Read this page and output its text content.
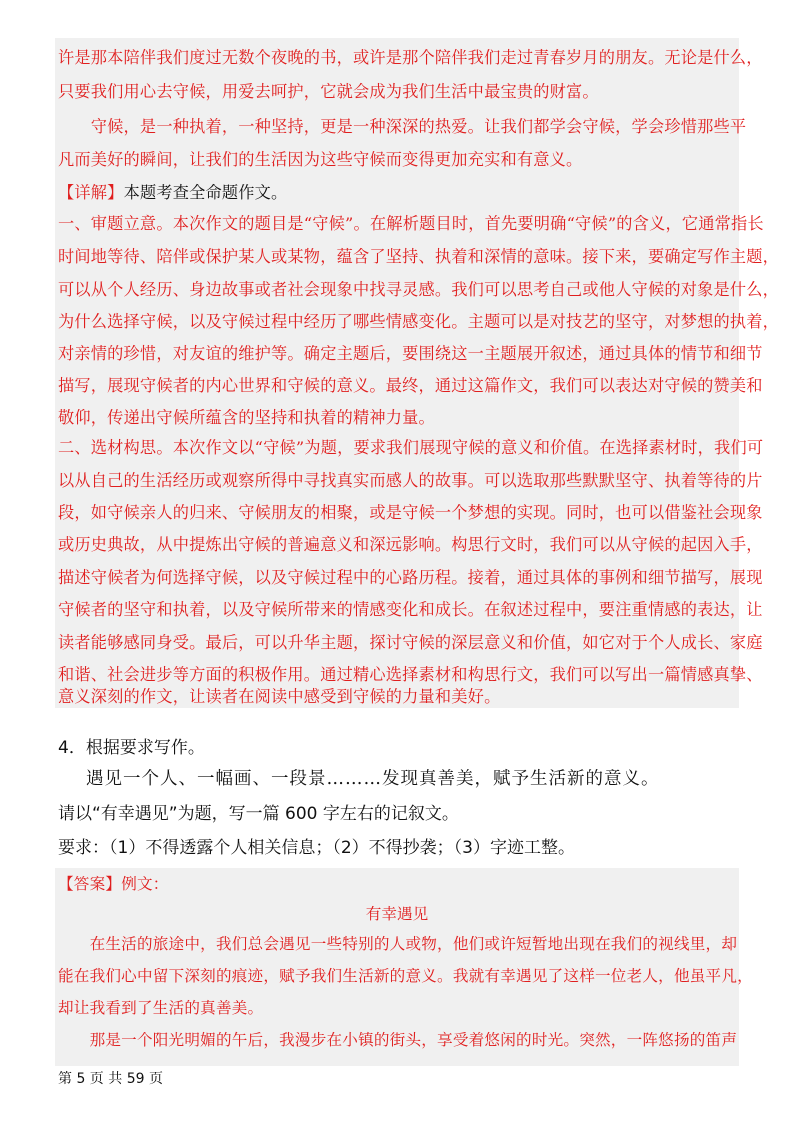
许是那本陪伴我们度过无数个夜晚的书，或许是那个陪伴我们走过青春岁月的朋友。无论是什么，
只要我们用心去守候，用爱去呵护，它就会成为我们生活中最宝贵的财富。
　　守候，是一种执着，一种坚持，更是一种深深的热爱。让我们都学会守候，学会珍惜那些平
凡而美好的瞬间，让我们的生活因为这些守候而变得更加充实和有意义。
【详解】本题考查全命题作文。
一、审题立意。本次作文的题目是“守候”。在解析题目时，首先要明确“守候”的含义，它通常指长
时间地等待、陪伴或保护某人或某物，蕴含了坚持、执着和深情的意味。接下来，要确定写作主题，
可以从个人经历、身边故事或者社会现象中找寻灵感。我们可以思考自己或他人守候的对象是什么，
为什么选择守候，以及守候过程中经历了哪些情感变化。主题可以是对技艺的坚守，对梦想的执着，
对亲情的珍惜，对友谊的维护等。确定主题后，要围绕这一主题展开叙述，通过具体的情节和细节
描写，展现守候者的内心世界和守候的意义。最终，通过这篇作文，我们可以表达对守候的赞美和
敬仰，传递出守候所蕴含的坚持和执着的精神力量。
二、选材构思。本次作文以“守候”为题，要求我们展现守候的意义和价值。在选择素材时，我们可
以从自己的生活经历或观察所得中寻找真实而感人的故事。可以选取那些默默坚守、执着等待的片
段，如守候亲人的归来、守候朋友的相聚，或是守候一个梦想的实现。同时，也可以借鉴社会现象
或历史典故，从中提炼出守候的普遍意义和深远影响。构思行文时，我们可以从守候的起因入手，
描述守候者为何选择守候，以及守候过程中的心路历程。接着，通过具体的事例和细节描写，展现
守候者的坚守和执着，以及守候所带来的情感变化和成长。在叙述过程中，要注重情感的表达，让
读者能够感同身受。最后，可以升华主题，探讨守候的深层意义和价值，如它对于个人成长、家庭
和谐、社会进步等方面的积极作用。通过精心选择素材和构思行文，我们可以写出一篇情感真挚、
意义深刻的作文，让读者在阅读中感受到守候的力量和美好。
4．根据要求写作。
遇见一个人、一幅画、一段景………发现真善美，赋予生活新的意义。
请以“有幸遇见”为题，写一篇 600 字左右的记叙文。
要求：（1）不得透露个人相关信息；（2）不得抄袭；（3）字迹工整。
【答案】例文：
有幸遇见
　　在生活的旅途中，我们总会遇见一些特别的人或物，他们或许短暂地出现在我们的视线里，却
能在我们心中留下深刻的痕迹，赋予我们生活新的意义。我就有幸遇见了这样一位老人，他虽平凡，
却让我看到了生活的真善美。
　　那是一个阳光明媚的午后，我漫步在小镇的街头，享受着悠闲的时光。突然，一阵悠扬的笛声
第 5 页 共 59 页
